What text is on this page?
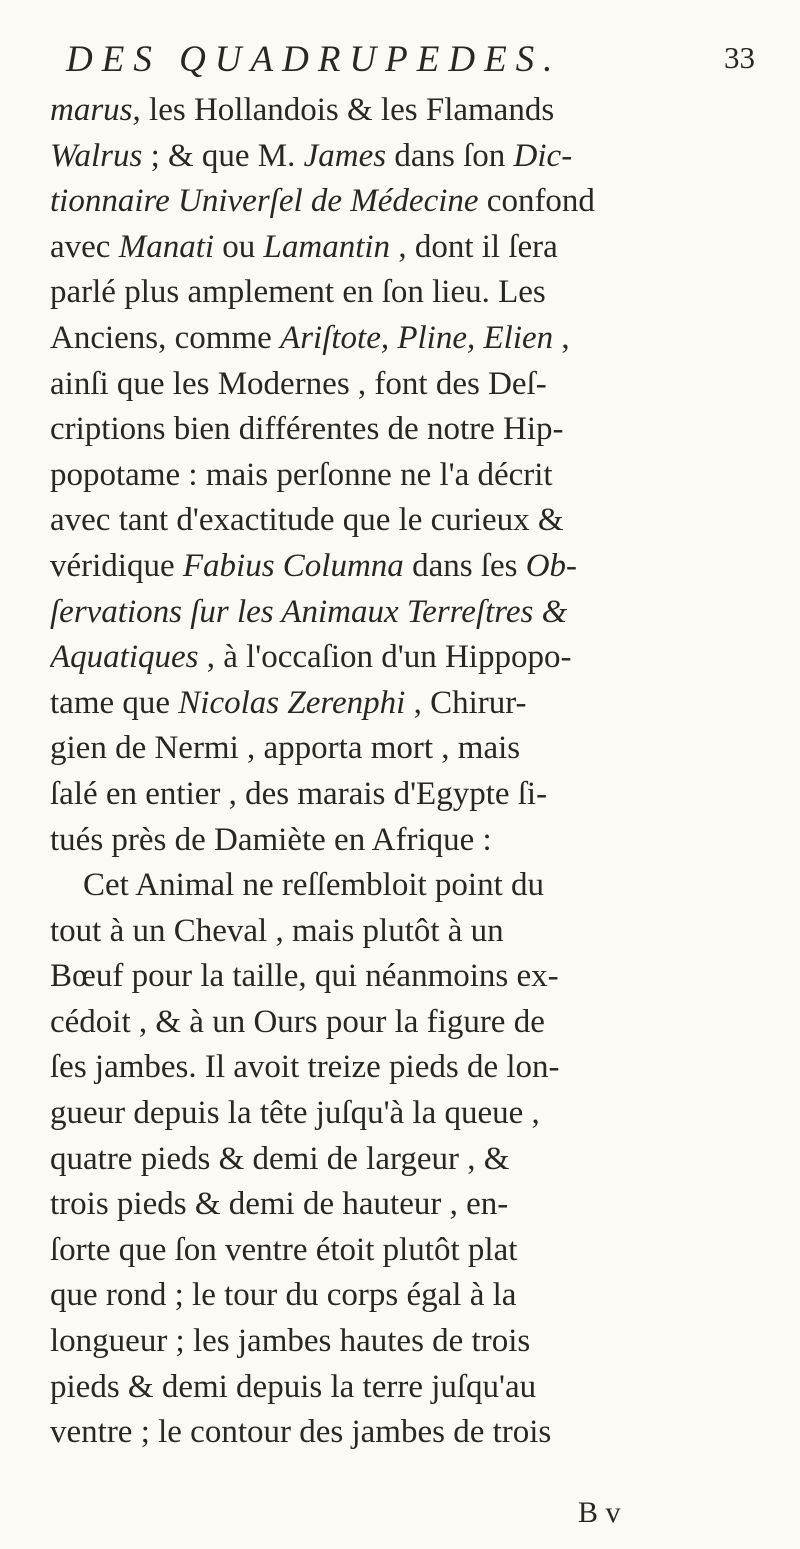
DES QUADRUPEDES.	33
marus, les Hollandois & les Flamands
Walrus ; & que M. James dans ſon Dic-
tionnaire Univerſel de Médecine confond
avec Manati ou Lamantin , dont il ſera
parlé plus amplement en ſon lieu. Les
Anciens, comme Ariſtote, Pline, Elien ,
ainſi que les Modernes , font des Deſ-
criptions bien différentes de notre Hip-
popotame : mais perſonne ne l'a décrit
avec tant d'exactitude que le curieux &
véridique Fabius Columna dans ſes Ob-
ſervations ſur les Animaux Terreſtres &
Aquatiques , à l'occaſion d'un Hippopo-
tame que Nicolas Zerenphi , Chirur-
gien de Nermi , apporta mort , mais
ſalé en entier , des marais d'Egypte ſi-
tués près de Damiète en Afrique :
Cet Animal ne reſſembloit point du
tout à un Cheval , mais plutôt à un
Bœuf pour la taille, qui néanmoins ex-
cédoit , & à un Ours pour la figure de
ſes jambes. Il avoit treize pieds de lon-
gueur depuis la tête juſqu'à la queue ,
quatre pieds & demi de largeur , &
trois pieds & demi de hauteur , en-
ſorte que ſon ventre étoit plutôt plat
que rond ; le tour du corps égal à la
longueur ; les jambes hautes de trois
pieds & demi depuis la terre juſqu'au
ventre ; le contour des jambes de trois
B v
